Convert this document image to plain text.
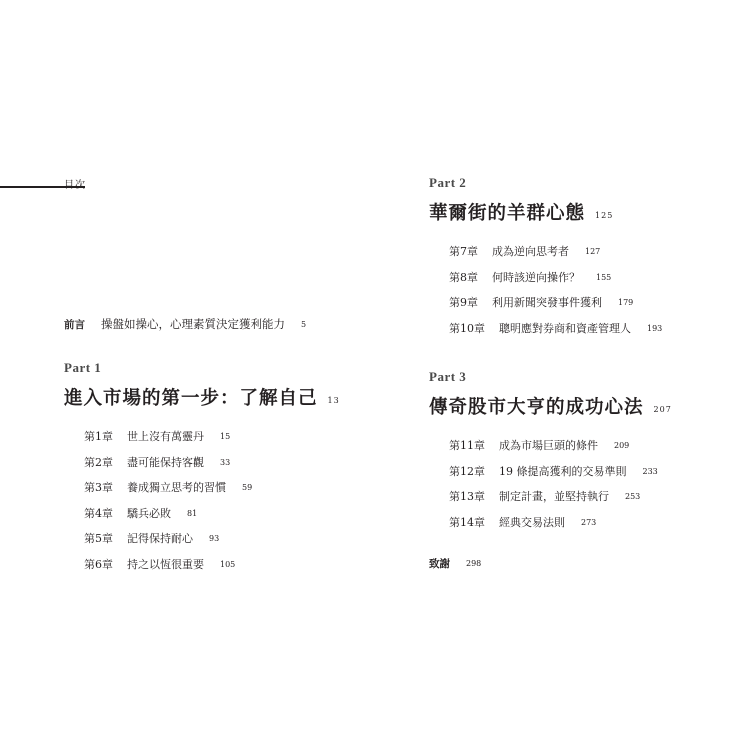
目次
前言 操盤如操心，心理素質決定獲利能力 5
Part 1
進入市場的第一步：了解自己 13
第1章 世上沒有萬靈丹 15
第2章 盡可能保持客觀 33
第3章 養成獨立思考的習慣 59
第4章 驕兵必敗 81
第5章 記得保持耐心 93
第6章 持之以恆很重要 105
Part 2
華爾街的羊群心態 125
第7章 成為逆向思考者 127
第8章 何時該逆向操作？ 155
第9章 利用新聞突發事件獲利 179
第10章 聰明應對券商和資產管理人 193
Part 3
傳奇股市大亨的成功心法 207
第11章 成為市場巨頭的條件 209
第12章 19 條提高獲利的交易準則 233
第13章 制定計畫，並堅持執行 253
第14章 經典交易法則 273
致謝 298
